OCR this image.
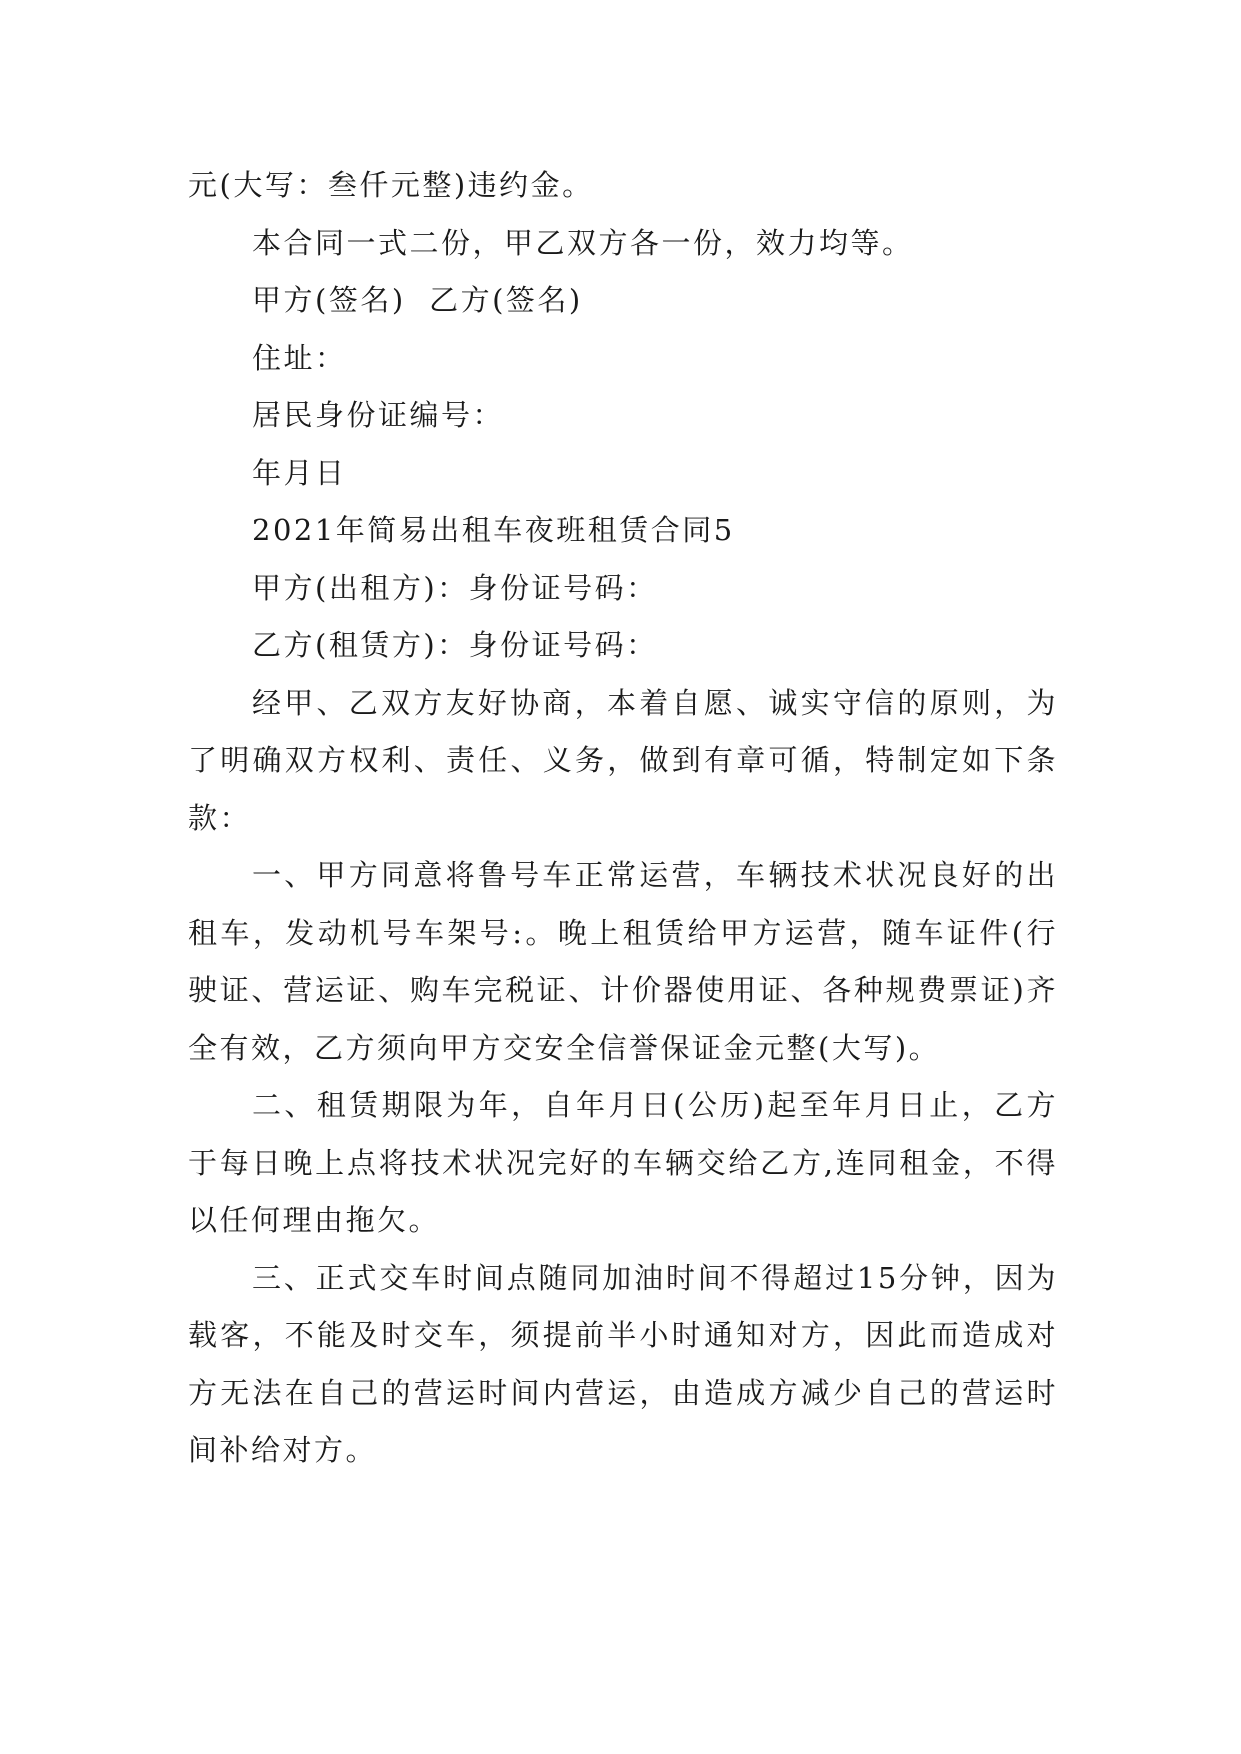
元(大写：叁仟元整)违约金。

本合同一式二份，甲乙双方各一份，效力均等。

甲方(签名)  乙方(签名)

住址：

居民身份证编号：

年月日

2021年简易出租车夜班租赁合同5

甲方(出租方)：身份证号码：

乙方(租赁方)：身份证号码：

经甲、乙双方友好协商，本着自愿、诚实守信的原则，为了明确双方权利、责任、义务，做到有章可循，特制定如下条款：

一、甲方同意将鲁号车正常运营，车辆技术状况良好的出租车，发动机号车架号:。晚上租赁给甲方运营，随车证件(行驶证、营运证、购车完税证、计价器使用证、各种规费票证)齐全有效，乙方须向甲方交安全信誉保证金元整(大写)。

二、租赁期限为年，自年月日(公历)起至年月日止，乙方于每日晚上点将技术状况完好的车辆交给乙方,连同租金，不得以任何理由拖欠。

三、正式交车时间点随同加油时间不得超过15分钟，因为载客，不能及时交车，须提前半小时通知对方，因此而造成对方无法在自己的营运时间内营运，由造成方减少自己的营运时间补给对方。
